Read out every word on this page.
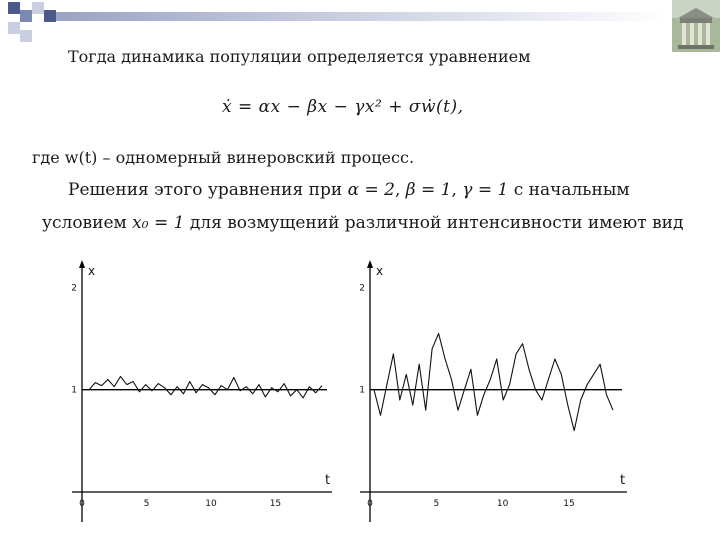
Тогда динамика популяции определяется уравнением
ẋ = αx − βx − γx² + σẇ(t),
где w(t) – одномерный винеровский процесс.
Решения этого уравнения при α = 2, β = 1, γ = 1 с начальным
условием x₀ = 1 для возмущений различной интенсивности имеют вид
x
t
0	5	10	15
1
2
x
t
0	5	10	15
1
2
